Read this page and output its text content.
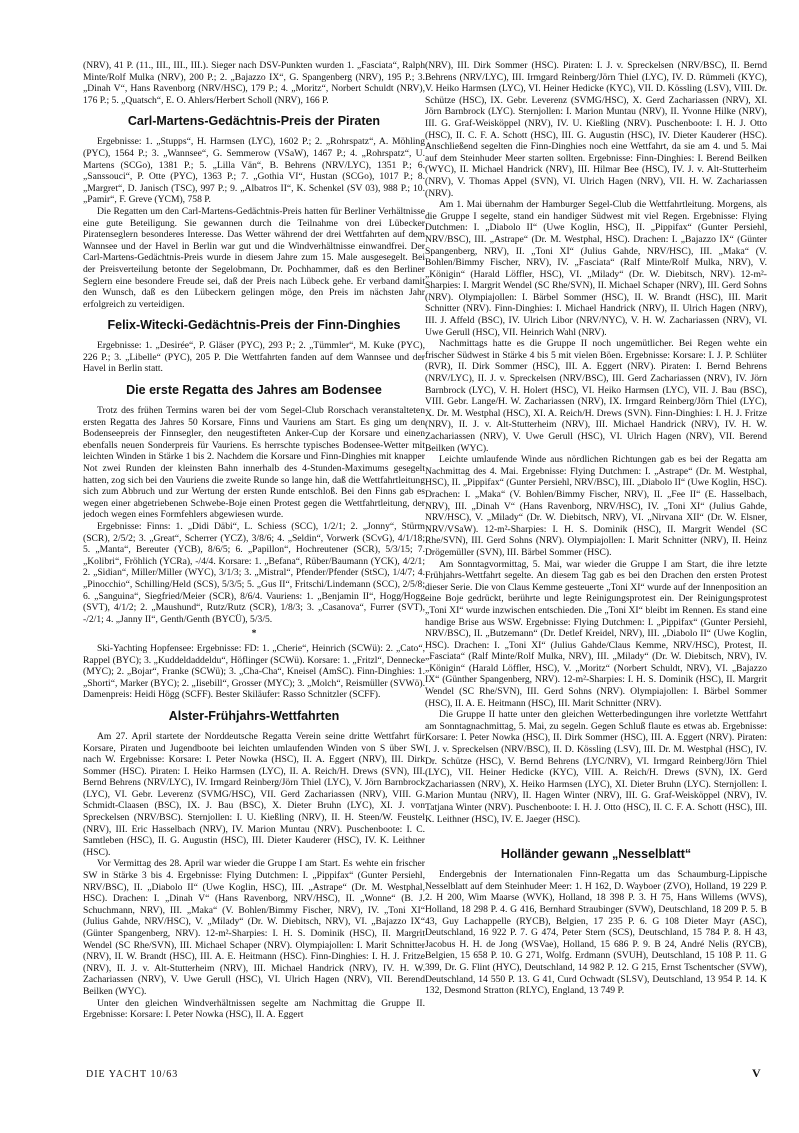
(NRV), 41 P. (11., III., III., III.). Sieger nach DSV-Punkten wurden 1. „Fasciata“, Ralph Minte/Rolf Mulka (NRV), 200 P.; 2. „Bajazzo IX“, G. Spangenberg (NRV), 195 P.; 3. „Dinah V“, Hans Ravenborg (NRV/HSC), 179 P.; 4. „Moritz“, Norbert Schuldt (NRV), 176 P.; 5. „Quatsch“, E. O. Ahlers/Herbert Scholl (NRV), 166 P.

Carl-Martens-Gedächtnis-Preis der Piraten

Ergebnisse: 1. „Stupps“, H. Harmsen (LYC), 1602 P.; 2. „Rohrspatz“, A. Möhling (PYC), 1564 P.; 3. „Wannsee“, G. Semmerow (VSaW), 1467 P.; 4. „Rohrspatz“, U. Martens (SCGo), 1381 P.; 5. „Lilla Vän“, B. Behrens (NRV/LYC), 1351 P.; 6. „Sanssouci“, P. Otte (PYC), 1363 P.; 7. „Gothia VI“, Hustan (SCGo), 1017 P.; 8. „Margret“, D. Janisch (TSC), 997 P.; 9. „Albatros II“, K. Schenkel (SV 03), 988 P.; 10. „Pamir“, F. Greve (YCM), 758 P.

Die Regatten um den Carl-Martens-Gedächtnis-Preis hatten für Berliner Verhältnisse eine gute Beteiligung. Sie gewannen durch die Teilnahme von drei Lübecker Piratenseglern besonderes Interesse. Das Wetter während der drei Wettfahrten auf dem Wannsee und der Havel in Berlin war gut und die Windverhältnisse einwandfrei. Der Carl-Martens-Gedächtnis-Preis wurde in diesem Jahre zum 15. Male ausgesegelt. Bei der Preisverteilung betonte der Segelobmann, Dr. Pochhammer, daß es den Berliner Seglern eine besondere Freude sei, daß der Preis nach Lübeck gehe. Er verband damit den Wunsch, daß es den Lübeckern gelingen möge, den Preis im nächsten Jahr erfolgreich zu verteidigen.

Felix-Witecki-Gedächtnis-Preis der Finn-Dinghies

Ergebnisse: 1. „Desirée“, P. Gläser (PYC), 293 P.; 2. „Tümmler“, M. Kuke (PYC), 226 P.; 3. „Libelle“ (PYC), 205 P. Die Wettfahrten fanden auf dem Wannsee und der Havel in Berlin statt.

Die erste Regatta des Jahres am Bodensee

Trotz des frühen Termins waren bei der vom Segel-Club Rorschach veranstalteten ersten Regatta des Jahres 50 Korsare, Finns und Vauriens am Start. Es ging um den Bodenseepreis der Finnsegler, den neugestifteten Anker-Cup der Korsare und einen ebenfalls neuen Sonderpreis für Vauriens. Es herrschte typisches Bodensee-Wetter mit leichten Winden in Stärke 1 bis 2. Nachdem die Korsare und Finn-Dinghies mit knapper Not zwei Runden der kleinsten Bahn innerhalb des 4-Stunden-Maximums gesegelt hatten, zog sich bei den Vauriens die zweite Runde so lange hin, daß die Wettfahrtleitung sich zum Abbruch und zur Wertung der ersten Runde entschloß. Bei den Finns gab es wegen einer abgetriebenen Schwebe-Boje einen Protest gegen die Wettfahrtleitung, der jedoch wegen eines Formfehlers abgewiesen wurde.

Ergebnisse: Finns: 1. „Didi Däbi“, L. Schiess (SCC), 1/2/1; 2. „Jonny“, Stürm (SCR), 2/5/2; 3. „Great“, Scherrer (YCZ), 3/8/6; 4. „Seldin“, Vorwerk (SCvG), 4/1/18; 5. „Manta“, Bereuter (YCB), 8/6/5; 6. „Papillon“, Hochreutener (SCR), 5/3/15; 7. „Kolibri“, Fröhlich (YCRa), -/4/4. Korsare: 1. „Befana“, Rüber/Baumann (YCK), 4/2/1; 2. „Sidian“, Miller/Miller (WYC), 3/1/3; 3. „Mistral“, Pfender/Pfender (StSC), 1/4/7; 4. „Pinocchio“, Schilling/Held (SCS), 5/3/5; 5. „Gus II“, Fritschi/Lindemann (SCC), 2/5/8; 6. „Sanguina“, Siegfried/Meier (SCR), 8/6/4. Vauriens: 1. „Benjamin II“, Hogg/Hogg (SVT), 4/1/2; 2. „Maushund“, Rutz/Rutz (SCR), 1/8/3; 3. „Casanova“, Furrer (SVT), -/2/1; 4. „Janny II“, Genth/Genth (BYCÜ), 5/3/5.

*

Ski-Yachting Hopfensee: Ergebnisse: FD: 1. „Cherie“, Heinrich (SCWü): 2. „Cato“, Rappel (BYC); 3. „Kuddeldaddeldu“, Höflinger (SCWü). Korsare: 1. „Fritzl“, Dennecke (MYC); 2. „Bojar“, Franke (SCWü); 3. „Cha-Cha“, Kneisel (AmSC). Finn-Dinghies: 1. „Shorti“, Marker (BYC); 2. „Iisebill“, Grosser (MYC); 3. „Molch“, Reismüller (SVWö). Damenpreis: Heidi Högg (SCFF). Bester Skiläufer: Rasso Schnitzler (SCFF).

Alster-Frühjahrs-Wettfahrten

Am 27. April startete der Norddeutsche Regatta Verein seine dritte Wettfahrt für Korsare, Piraten und Jugendboote bei leichten umlaufenden Winden von S über SW nach W. Ergebnisse: Korsare: I. Peter Nowka (HSC), II. A. Eggert (NRV), III. Dirk Sommer (HSC). Piraten: I. Heiko Harmsen (LYC), II. A. Reich/H. Drews (SVN), III. Bernd Behrens (NRV/LYC), IV. Irmgard Reinberg/Jörn Thiel (LYC), V. Jörn Barnbrock (LYC), VI. Gebr. Leverenz (SVMG/HSC), VII. Gerd Zachariassen (NRV), VIII. G. Schmidt-Claasen (BSC), IX. J. Bau (BSC), X. Dieter Bruhn (LYC), XI. J. von Spreckelsen (NRV/BSC). Sternjollen: I. U. Kießling (NRV), II. H. Steen/W. Feustel (NRV), III. Eric Hasselbach (NRV), IV. Marion Muntau (NRV). Puschenboote: I. C. Samtleben (HSC), II. G. Augustin (HSC), III. Dieter Kauderer (HSC), IV. K. Leithner (HSC).

Vor Vermittag des 28. April war wieder die Gruppe I am Start. Es wehte ein frischer SW in Stärke 3 bis 4. Ergebnisse: Flying Dutchmen: I. „Pippifax“ (Gunter Persiehl, NRV/BSC), II. „Diabolo II“ (Uwe Koglin, HSC), III. „Astrape“ (Dr. M. Westphal, HSC). Drachen: I. „Dinah V“ (Hans Ravenborg, NRV/HSC), II. „Wonne“ (B. J. Schuchmann, NRV), III. „Maka“ (V. Bohlen/Bimmy Fischer, NRV), IV. „Toni XI“ (Julius Gahde, NRV/HSC), V. „Milady“ (Dr. W. Diebitsch, NRV), VI. „Bajazzo IX“ (Günter Spangenberg, NRV). 12-m²-Sharpies: I. H. S. Dominik (HSC), II. Margrit Wendel (SC Rhe/SVN), III. Michael Schaper (NRV). Olympiajollen: I. Marit Schnitter (NRV), II. W. Brandt (HSC), III. A. E. Heitmann (HSC). Finn-Dinghies: I. H. J. Fritze (NRV), II. J. v. Alt-Stutterheim (NRV), III. Michael Handrick (NRV), IV. H. W. Zachariassen (NRV), V. Uwe Gerull (HSC), VI. Ulrich Hagen (NRV), VII. Berend Beilken (WYC).

Unter den gleichen Windverhältnissen segelte am Nachmittag die Gruppe II. Ergebnisse: Korsare: I. Peter Nowka (HSC), II. A. Eggert

(NRV), III. Dirk Sommer (HSC). Piraten: I. J. v. Spreckelsen (NRV/BSC), II. Bernd Behrens (NRV/LYC), III. Irmgard Reinberg/Jörn Thiel (LYC), IV. D. Rümmeli (KYC), V. Heiko Harmsen (LYC), VI. Heiner Hedicke (KYC), VII. D. Kössling (LSV), VIII. Dr. Schütze (HSC), IX. Gebr. Leverenz (SVMG/HSC), X. Gerd Zachariassen (NRV), XI. Jörn Barnbrock (LYC). Sternjollen: I. Marion Muntau (NRV), II. Yvonne Hilke (NRV), III. G. Graf-Weisköppel (NRV), IV. U. Kießling (NRV). Puschenboote: I. H. J. Otto (HSC), II. C. F. A. Schott (HSC), III. G. Augustin (HSC), IV. Dieter Kauderer (HSC). Anschließend segelten die Finn-Dinghies noch eine Wettfahrt, da sie am 4. und 5. Mai auf dem Steinhuder Meer starten sollten. Ergebnisse: Finn-Dinghies: I. Berend Beilken (WYC), II. Michael Handrick (NRV), III. Hilmar Bee (HSC), IV. J. v. Alt-Stutterheim (NRV), V. Thomas Appel (SVN), VI. Ulrich Hagen (NRV), VII. H. W. Zachariassen (NRV).

Am 1. Mai übernahm der Hamburger Segel-Club die Wettfahrtleitung. Morgens, als die Gruppe I segelte, stand ein handiger Südwest mit viel Regen. Ergebnisse: Flying Dutchmen: I. „Diabolo II“ (Uwe Koglin, HSC), II. „Pippifax“ (Gunter Persiehl, NRV/BSC), III. „Astrape“ (Dr. M. Westphal, HSC). Drachen: I. „Bajazzo IX“ (Günter Spangenberg, NRV), II. „Toni XI“ (Julius Gahde, NRV/HSC), III. „Maka“ (V. Bohlen/Bimmy Fischer, NRV), IV. „Fasciata“ (Ralf Minte/Rolf Mulka, NRV), V. „Königin“ (Harald Löffler, HSC), VI. „Milady“ (Dr. W. Diebitsch, NRV). 12-m²-Sharpies: I. Margrit Wendel (SC Rhe/SVN), II. Michael Schaper (NRV), III. Gerd Sohns (NRV). Olympiajollen: I. Bärbel Sommer (HSC), II. W. Brandt (HSC), III. Marit Schnitter (NRV). Finn-Dinghies: I. Michael Handrick (NRV), II. Ulrich Hagen (NRV), III. J. Affeld (BSC), IV. Ulrich Libor (NRV/NYC), V. H. W. Zachariassen (NRV), VI. Uwe Gerull (HSC), VII. Heinrich Wahl (NRV).

Nachmittags hatte es die Gruppe II noch ungemütlicher. Bei Regen wehte ein frischer Südwest in Stärke 4 bis 5 mit vielen Böen. Ergebnisse: Korsare: I. J. P. Schlüter (RVR), II. Dirk Sommer (HSC), III. A. Eggert (NRV). Piraten: I. Bernd Behrens (NRV/LYC), II. J. v. Spreckelsen (NRV/BSC), III. Gerd Zachariassen (NRV), IV. Jörn Barnbrock (LYC), V. H. Holert (HSC), VI. Heiko Harmsen (LYC), VII. J. Bau (BSC), VIII. Gebr. Lange/H. W. Zachariassen (NRV), IX. Irmgard Reinberg/Jörn Thiel (LYC), X. Dr. M. Westphal (HSC), XI. A. Reich/H. Drews (SVN). Finn-Dinghies: I. H. J. Fritze (NRV), II. J. v. Alt-Stutterheim (NRV), III. Michael Handrick (NRV), IV. H. W. Zachariassen (NRV), V. Uwe Gerull (HSC), VI. Ulrich Hagen (NRV), VII. Berend Beilken (WYC).

Leichte umlaufende Winde aus nördlichen Richtungen gab es bei der Regatta am Nachmittag des 4. Mai. Ergebnisse: Flying Dutchmen: I. „Astrape“ (Dr. M. Westphal, HSC), II. „Pippifax“ (Gunter Persiehl, NRV/BSC), III. „Diabolo II“ (Uwe Koglin, HSC). Drachen: I. „Maka“ (V. Bohlen/Bimmy Fischer, NRV), II. „Fee II“ (E. Hasselbach, NRV), III. „Dinah V“ (Hans Ravenborg, NRV/HSC), IV. „Toni XI“ (Julius Gahde, NRV/HSC), V. „Milady“ (Dr. W. Diebitsch, NRV), VI. „Nirvana XII“ (Dr. W. Elsner, NRV/VSaW). 12-m²-Sharpies: I. H. S. Dominik (HSC), II. Margrit Wendel (SC Rhe/SVN), III. Gerd Sohns (NRV). Olympiajollen: I. Marit Schnitter (NRV), II. Heinz Drögemüller (SVN), III. Bärbel Sommer (HSC).

Am Sonntagvormittag, 5. Mai, war wieder die Gruppe I am Start, die ihre letzte Frühjahrs-Wettfahrt segelte. An diesem Tag gab es bei den Drachen den ersten Protest dieser Serie. Die von Claus Kemme gesteuerte „Toni XI“ wurde auf der Innenposition an eine Boje gedrückt, berührte und legte Reinigungsprotest ein. Der Reinigungsprotest „Toni XI“ wurde inzwischen entschieden. Die „Toni XI“ bleibt im Rennen. Es stand eine handige Brise aus WSW. Ergebnisse: Flying Dutchmen: I. „Pippifax“ (Gunter Persiehl, NRV/BSC), II. „Butzemann“ (Dr. Detlef Kreidel, NRV), III. „Diabolo II“ (Uwe Koglin, HSC). Drachen: I. „Toni XI“ (Julius Gahde/Claus Kemme, NRV/HSC), Protest, II. „Fasciata“ (Ralf Minte/Rolf Mulka, NRV), III. „Milady“ (Dr. W. Diebitsch, NRV), IV. „Königin“ (Harald Löffler, HSC), V. „Moritz“ (Norbert Schuldt, NRV), VI. „Bajazzo IX“ (Günther Spangenberg, NRV). 12-m²-Sharpies: I. H. S. Dominik (HSC), II. Margrit Wendel (SC Rhe/SVN), III. Gerd Sohns (NRV). Olympiajollen: I. Bärbel Sommer (HSC), II. A. E. Heitmann (HSC), III. Marit Schnitter (NRV).

Die Gruppe II hatte unter den gleichen Wetterbedingungen ihre vorletzte Wettfahrt am Sonntagnachmittag, 5. Mai, zu segeln. Gegen Schluß flaute es etwas ab. Ergebnisse: Korsare: I. Peter Nowka (HSC), II. Dirk Sommer (HSC), III. A. Eggert (NRV). Piraten: I. J. v. Spreckelsen (NRV/BSC), II. D. Kössling (LSV), III. Dr. M. Westphal (HSC), IV. Dr. Schütze (HSC), V. Bernd Behrens (LYC/NRV), VI. Irmgard Reinberg/Jörn Thiel (LYC), VII. Heiner Hedicke (KYC), VIII. A. Reich/H. Drews (SVN), IX. Gerd Zachariassen (NRV), X. Heiko Harmsen (LYC), XI. Dieter Bruhn (LYC). Sternjollen: I. Marion Muntau (NRV), II. Hagen Winter (NRV), III. G. Graf-Weisköppel (NRV), IV. Tatjana Winter (NRV). Puschenboote: I. H. J. Otto (HSC), II. C. F. A. Schott (HSC), III. K. Leithner (HSC), IV. E. Jaeger (HSC).

Holländer gewann „Nesselblatt“

Endergebnis der Internationalen Finn-Regatta um das Schaumburg-Lippische Nesselblatt auf dem Steinhuder Meer: 1. H 162, D. Wayboer (ZVO), Holland, 19 229 P. 2. H 200, Wim Maarse (WVK), Holland, 18 398 P. 3. H 75, Hans Willems (WVS), Holland, 18 298 P. 4. G 416, Bernhard Straubinger (SVW), Deutschland, 18 209 P. 5. B 43, Guy Lachappelle (RYCB), Belgien, 17 235 P. 6. G 108 Dieter Mayr (ASC), Deutschland, 16 922 P. 7. G 474, Peter Stern (SCS), Deutschland, 15 784 P. 8. H 43, Jacobus H. H. de Jong (WSVae), Holland, 15 686 P. 9. B 24, André Nelis (RYCB), Belgien, 15 658 P. 10. G 271, Wolfg. Erdmann (SVUH), Deutschland, 15 108 P. 11. G 399, Dr. G. Flint (HYC), Deutschland, 14 982 P. 12. G 215, Ernst Tschentscher (SVW), Deutschland, 14 550 P. 13. G 41, Curd Ochwadt (SLSV), Deutschland, 13 954 P. 14. K 132, Desmond Stratton (RLYC), England, 13 749 P.

DIE YACHT 10/63	V
